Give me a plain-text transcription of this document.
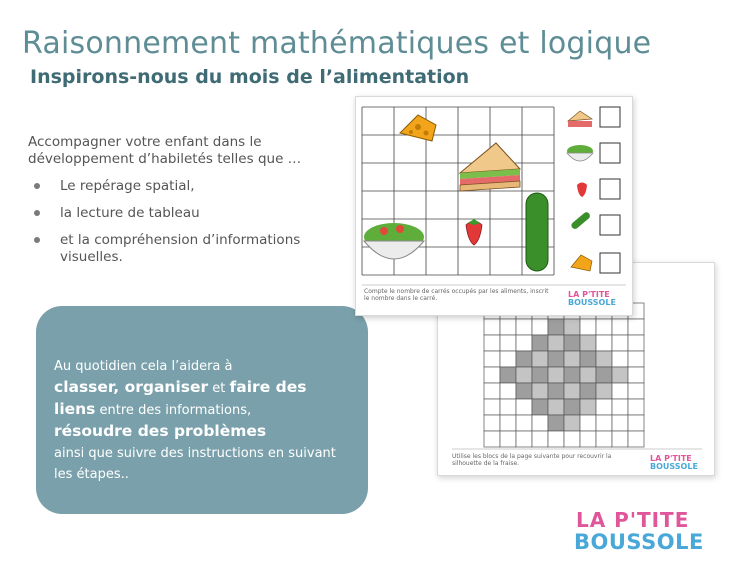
Raisonnement mathématiques et logique
Inspirons-nous du mois de l’alimentation

Accompagner votre enfant dans le développement d’habiletés telles que …

Le repérage spatial,
la lecture de tableau
et la compréhension d’informations visuelles.
Au quotidien cela l’aidera à
classer, organiser et faire des liens entre des informations,
résoudre des problèmes
ainsi que suivre des instructions en suivant les étapes..
Utilise les blocs de la page suivante pour recouvrir la silhouette de la fraise.
LA P'TITE
BOUSSOLE
Compte le nombre de carrés occupés par les aliments, inscrit le nombre dans le carré.	LA P'TITE
BOUSSOLE
LA P'TITE
BOUSSOLE
